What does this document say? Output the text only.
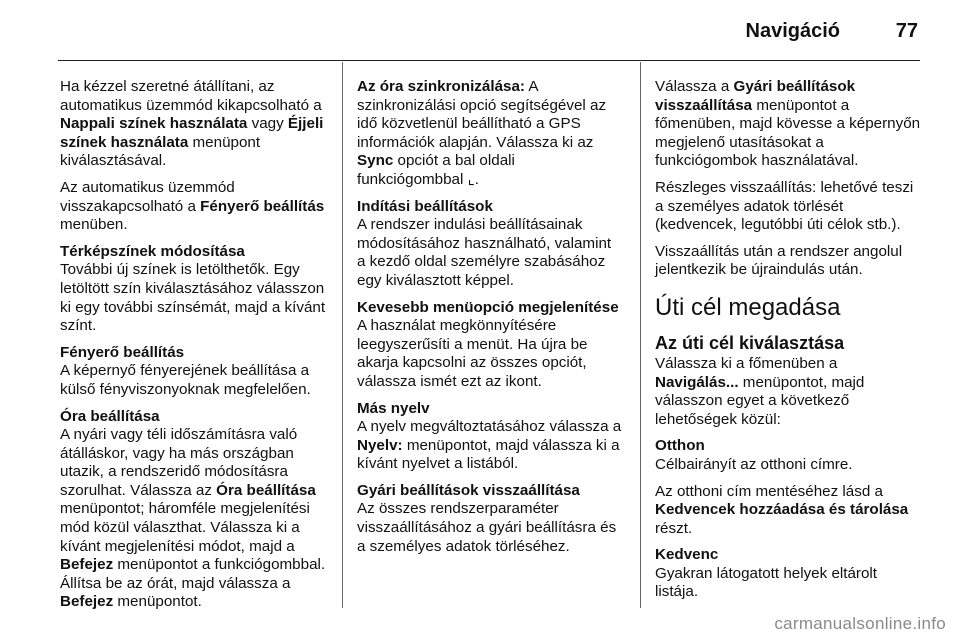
Navigáció	77

Ha kézzel szeretné átállítani, az automatikus üzemmód kikapcsolható a Nappali színek használata vagy Éjjeli színek használata menüpont kiválasztásával.

Az automatikus üzemmód visszakapcsolható a Fényerő beállítás menüben.

Térképszínek módosítása
További új színek is letölthetők. Egy letöltött szín kiválasztásához válasszon ki egy további színsémát, majd a kívánt színt.
Fényerő beállítás
A képernyő fényerejének beállítása a külső fényviszonyoknak megfelelően.
Óra beállítása
A nyári vagy téli időszámításra való átálláskor, vagy ha más országban utazik, a rendszeridő módosításra szorulhat. Válassza az Óra beállítása menüpontot; háromféle megjelenítési mód közül választhat. Válassza ki a kívánt megjelenítési módot, majd a Befejez menüpontot a funkciógombbal. Állítsa be az órát, majd válassza a Befejez menüpontot.
Az óra szinkronizálása: A szinkronizálási opció segítségével az idő közvetlenül beállítható a GPS információk alapján. Válassza ki az Sync opciót a bal oldali funkciógombbal ⌞.
Indítási beállítások
A rendszer indulási beállításainak módosításához használható, valamint a kezdő oldal személyre szabásához egy kiválasztott képpel.
Kevesebb menüopció megjelenítése
A használat megkönnyítésére leegyszerűsíti a menüt. Ha újra be akarja kapcsolni az összes opciót, válassza ismét ezt az ikont.
Más nyelv
A nyelv megváltoztatásához válassza a Nyelv: menüpontot, majd válassza ki a kívánt nyelvet a listából.
Gyári beállítások visszaállítása
Az összes rendszerparaméter visszaállításához a gyári beállításra és a személyes adatok törléséhez.

Válassza a Gyári beállítások visszaállítása menüpontot a főmenüben, majd kövesse a képernyőn megjelenő utasításokat a funkciógombok használatával.

Részleges visszaállítás: lehetővé teszi a személyes adatok törlését (kedvencek, legutóbbi úti célok stb.).

Visszaállítás után a rendszer angolul jelentkezik be újraindulás után.

Úti cél megadása
Az úti cél kiválasztása

Válassza ki a főmenüben a Navigálás... menüpontot, majd válasszon egyet a következő lehetőségek közül:

Otthon
Célbairányít az otthoni címre.

Az otthoni cím mentéséhez lásd a Kedvencek hozzáadása és tárolása részt.

Kedvenc
Gyakran látogatott helyek eltárolt listája.
carmanualsonline.info
